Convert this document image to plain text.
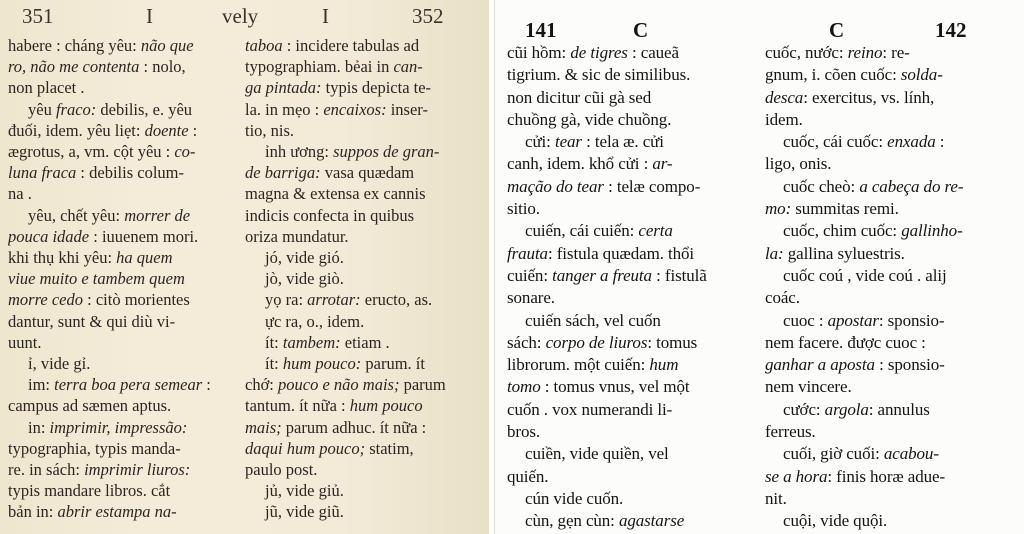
351	I	vely	I	352
habere : cháng yêu: não que
ro, não me contenta : nolo,
non placet .
yêu fraco: debilis, e. yêu
đuối, idem. yêu liẹt: doente :
ægrotus, a, vm. cột yêu : co-
luna fraca : debilis colum-
na .
yêu, chết yêu: morrer de
pouca idade : iuuenem mori.
khi thụ khi yêu: ha quem
viue muito e tambem quem
morre cedo : citò morientes
dantur, sunt & qui diù vi-
uunt.
ỉ, vide gỉ.
im: terra boa pera semear :
campus ad sæmen aptus.
in: imprimir, impressão:
typographia, typis manda-
re. in sách: imprimir liuros:
typis mandare libros. cắt
bản in: abrir estampa na-
taboa : incidere tabulas ad
typographiam. bẻai in can-
ga pintada: typis depicta te-
la. in mẹo : encaixos: inser-
tio, nis.
ỉnh ương: suppos de gran-
de barriga: vasa quædam
magna & extensa ex cannis
indicis confecta in quibus
oriza mundatur.
jó, vide gió.
jò, vide giò.
yọ ra: arrotar: eructo, as.
ực ra, o., idem.
ít: tambem: etiam .
ít: hum pouco: parum. ít
chớ: pouco e não mais; parum
tantum. ít nữa : hum pouco
mais; parum adhuc. ít nữa :
daqui hum pouco; statim,
paulo post.
jủ, vide giủ.
jũ, vide giũ.
141	C	C	142
cũi hồm: de tigres : caueã
tigrium. & sic de similibus.
non dicitur cũi gà sed
chuồng gà, vide chuồng.
cửi: tear : tela æ. cửi
canh, idem. khổ cửi : ar-
mação do tear : telæ compo-
sitio.
cuiến, cái cuiến: certa
frauta: fistula quædam. thổi
cuiến: tanger a freuta : fistulã
sonare.
cuiến sách, vel cuốn
sách: corpo de liuros: tomus
librorum. một cuiến: hum
tomo : tomus vnus, vel một
cuốn . vox numerandi li-
bros.
cuiền, vide quiền, vel
quiến.
cún vide cuốn.
cùn, gẹn cùn: agastarse
cuốc, nước: reino: re-
gnum, i. cõen cuốc: solda-
desca: exercitus, vs. lính,
idem.
cuốc, cái cuốc: enxada :
ligo, onis.
cuốc cheò: a cabeça do re-
mo: summitas remi.
cuốc, chim cuốc: gallinho-
la: gallina syluestris.
cuốc coú , vide coú . alij
coác.
cuoc : apostar: sponsio-
nem facere. được cuoc :
ganhar a aposta : sponsio-
nem vincere.
cước: argola: annulus
ferreus.
cuối, giờ cuối: acabou-
se a hora: finis horæ adue-
nit.
cuội, vide quội.
